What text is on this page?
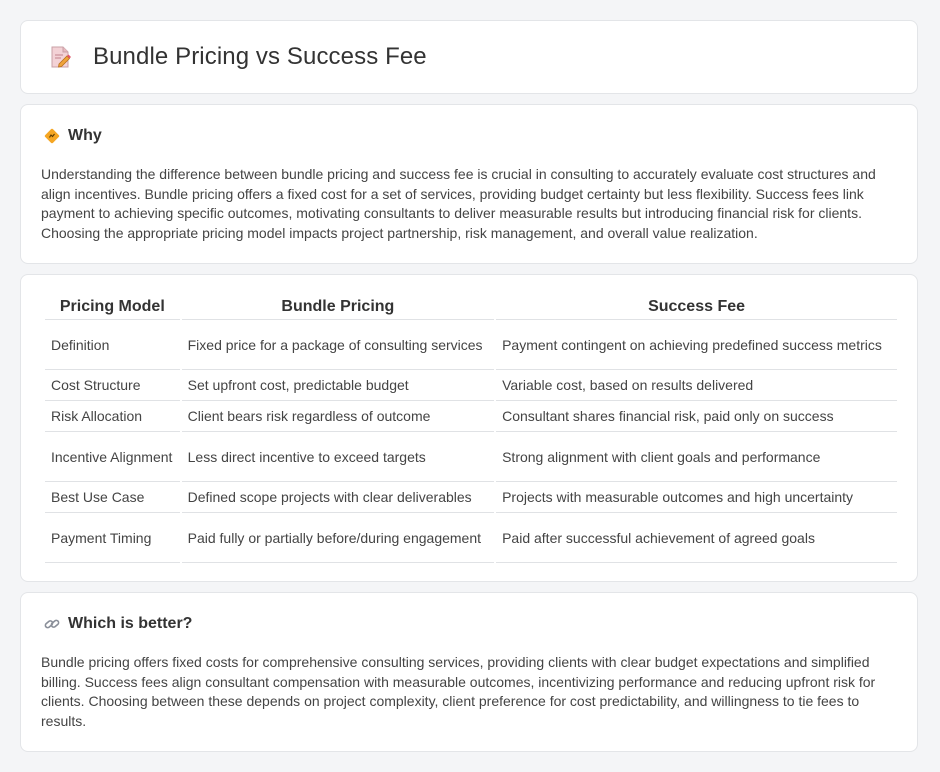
Bundle Pricing vs Success Fee
Why

Understanding the difference between bundle pricing and success fee is crucial in consulting to accurately evaluate cost structures and align incentives. Bundle pricing offers a fixed cost for a set of services, providing budget certainty but less flexibility. Success fees link payment to achieving specific outcomes, motivating consultants to deliver measurable results but introducing financial risk for clients. Choosing the appropriate pricing model impacts project partnership, risk management, and overall value realization.

Pricing Model	Bundle Pricing	Success Fee
Definition	Fixed price for a package of consulting services	Payment contingent on achieving predefined success metrics
Cost Structure	Set upfront cost, predictable budget	Variable cost, based on results delivered
Risk Allocation	Client bears risk regardless of outcome	Consultant shares financial risk, paid only on success
Incentive Alignment	Less direct incentive to exceed targets	Strong alignment with client goals and performance
Best Use Case	Defined scope projects with clear deliverables	Projects with measurable outcomes and high uncertainty
Payment Timing	Paid fully or partially before/during engagement	Paid after successful achievement of agreed goals
Which is better?

Bundle pricing offers fixed costs for comprehensive consulting services, providing clients with clear budget expectations and simplified billing. Success fees align consultant compensation with measurable outcomes, incentivizing performance and reducing upfront risk for clients. Choosing between these depends on project complexity, client preference for cost predictability, and willingness to tie fees to results.
